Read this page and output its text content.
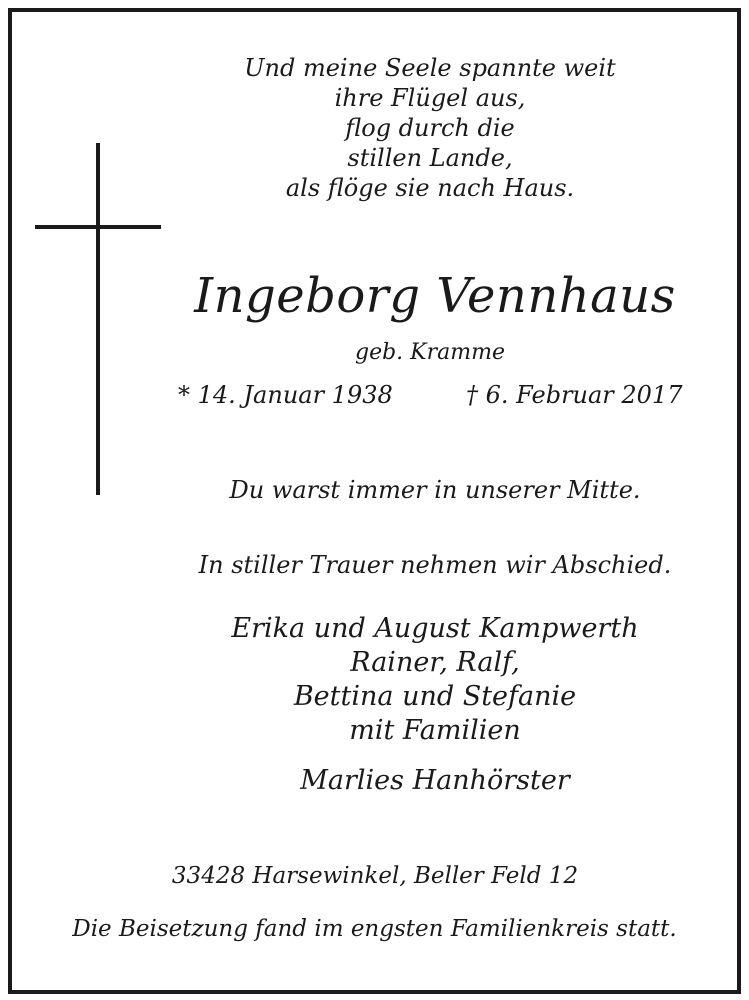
Und meine Seele spannte weit
ihre Flügel aus,
flog durch die
stillen Lande,
als flöge sie nach Haus.
Ingeborg Vennhaus
geb. Kramme
* 14. Januar 1938	† 6. Februar 2017
Du warst immer in unserer Mitte.
In stiller Trauer nehmen wir Abschied.
Erika und August Kampwerth
Rainer, Ralf,
Bettina und Stefanie
mit Familien
Marlies Hanhörster
33428 Harsewinkel, Beller Feld 12
Die Beisetzung fand im engsten Familienkreis statt.
